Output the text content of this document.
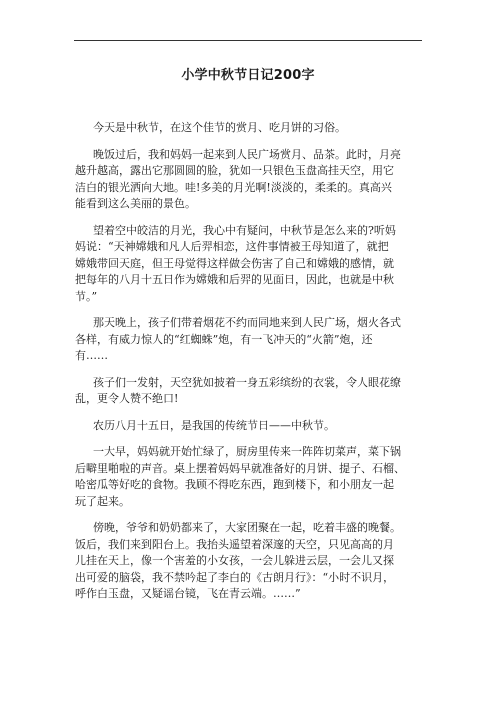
小学中秋节日记200字
今天是中秋节，在这个佳节的赏月、吃月饼的习俗。
晚饭过后，我和妈妈一起来到人民广场赏月、品茶。此时，月亮
越升越高，露出它那圆圆的脸，犹如一只银色玉盘高挂天空，用它
洁白的银光洒向大地。哇!多美的月光啊!淡淡的，柔柔的。真高兴
能看到这么美丽的景色。
望着空中皎洁的月光，我心中有疑问，中秋节是怎么来的?听妈
妈说：“天神嫦娥和凡人后羿相恋，这件事情被王母知道了，就把
嫦娥带回天庭，但王母觉得这样做会伤害了自己和嫦娥的感情，就
把每年的八月十五日作为嫦娥和后羿的见面日，因此，也就是中秋
节。”
那天晚上，孩子们带着烟花不约而同地来到人民广场，烟火各式
各样，有威力惊人的“红蜘蛛”炮，有一飞冲天的“火箭”炮，还
有……
孩子们一发射，天空犹如披着一身五彩缤纷的衣裳，令人眼花缭
乱，更令人赞不绝口!
农历八月十五日，是我国的传统节日——中秋节。
一大早，妈妈就开始忙绿了，厨房里传来一阵阵切菜声，菜下锅
后噼里啪啦的声音。桌上摆着妈妈早就准备好的月饼、提子、石榴、
哈密瓜等好吃的食物。我顾不得吃东西，跑到楼下，和小朋友一起
玩了起来。
傍晚，爷爷和奶奶都来了，大家团聚在一起，吃着丰盛的晚餐。
饭后，我们来到阳台上。我抬头遥望着深邃的天空，只见高高的月
儿挂在天上，像一个害羞的小女孩，一会儿躲进云层，一会儿又探
出可爱的脑袋，我不禁吟起了李白的《古朗月行》：“小时不识月，
呼作白玉盘，又疑谣台镜，飞在青云端。……”
